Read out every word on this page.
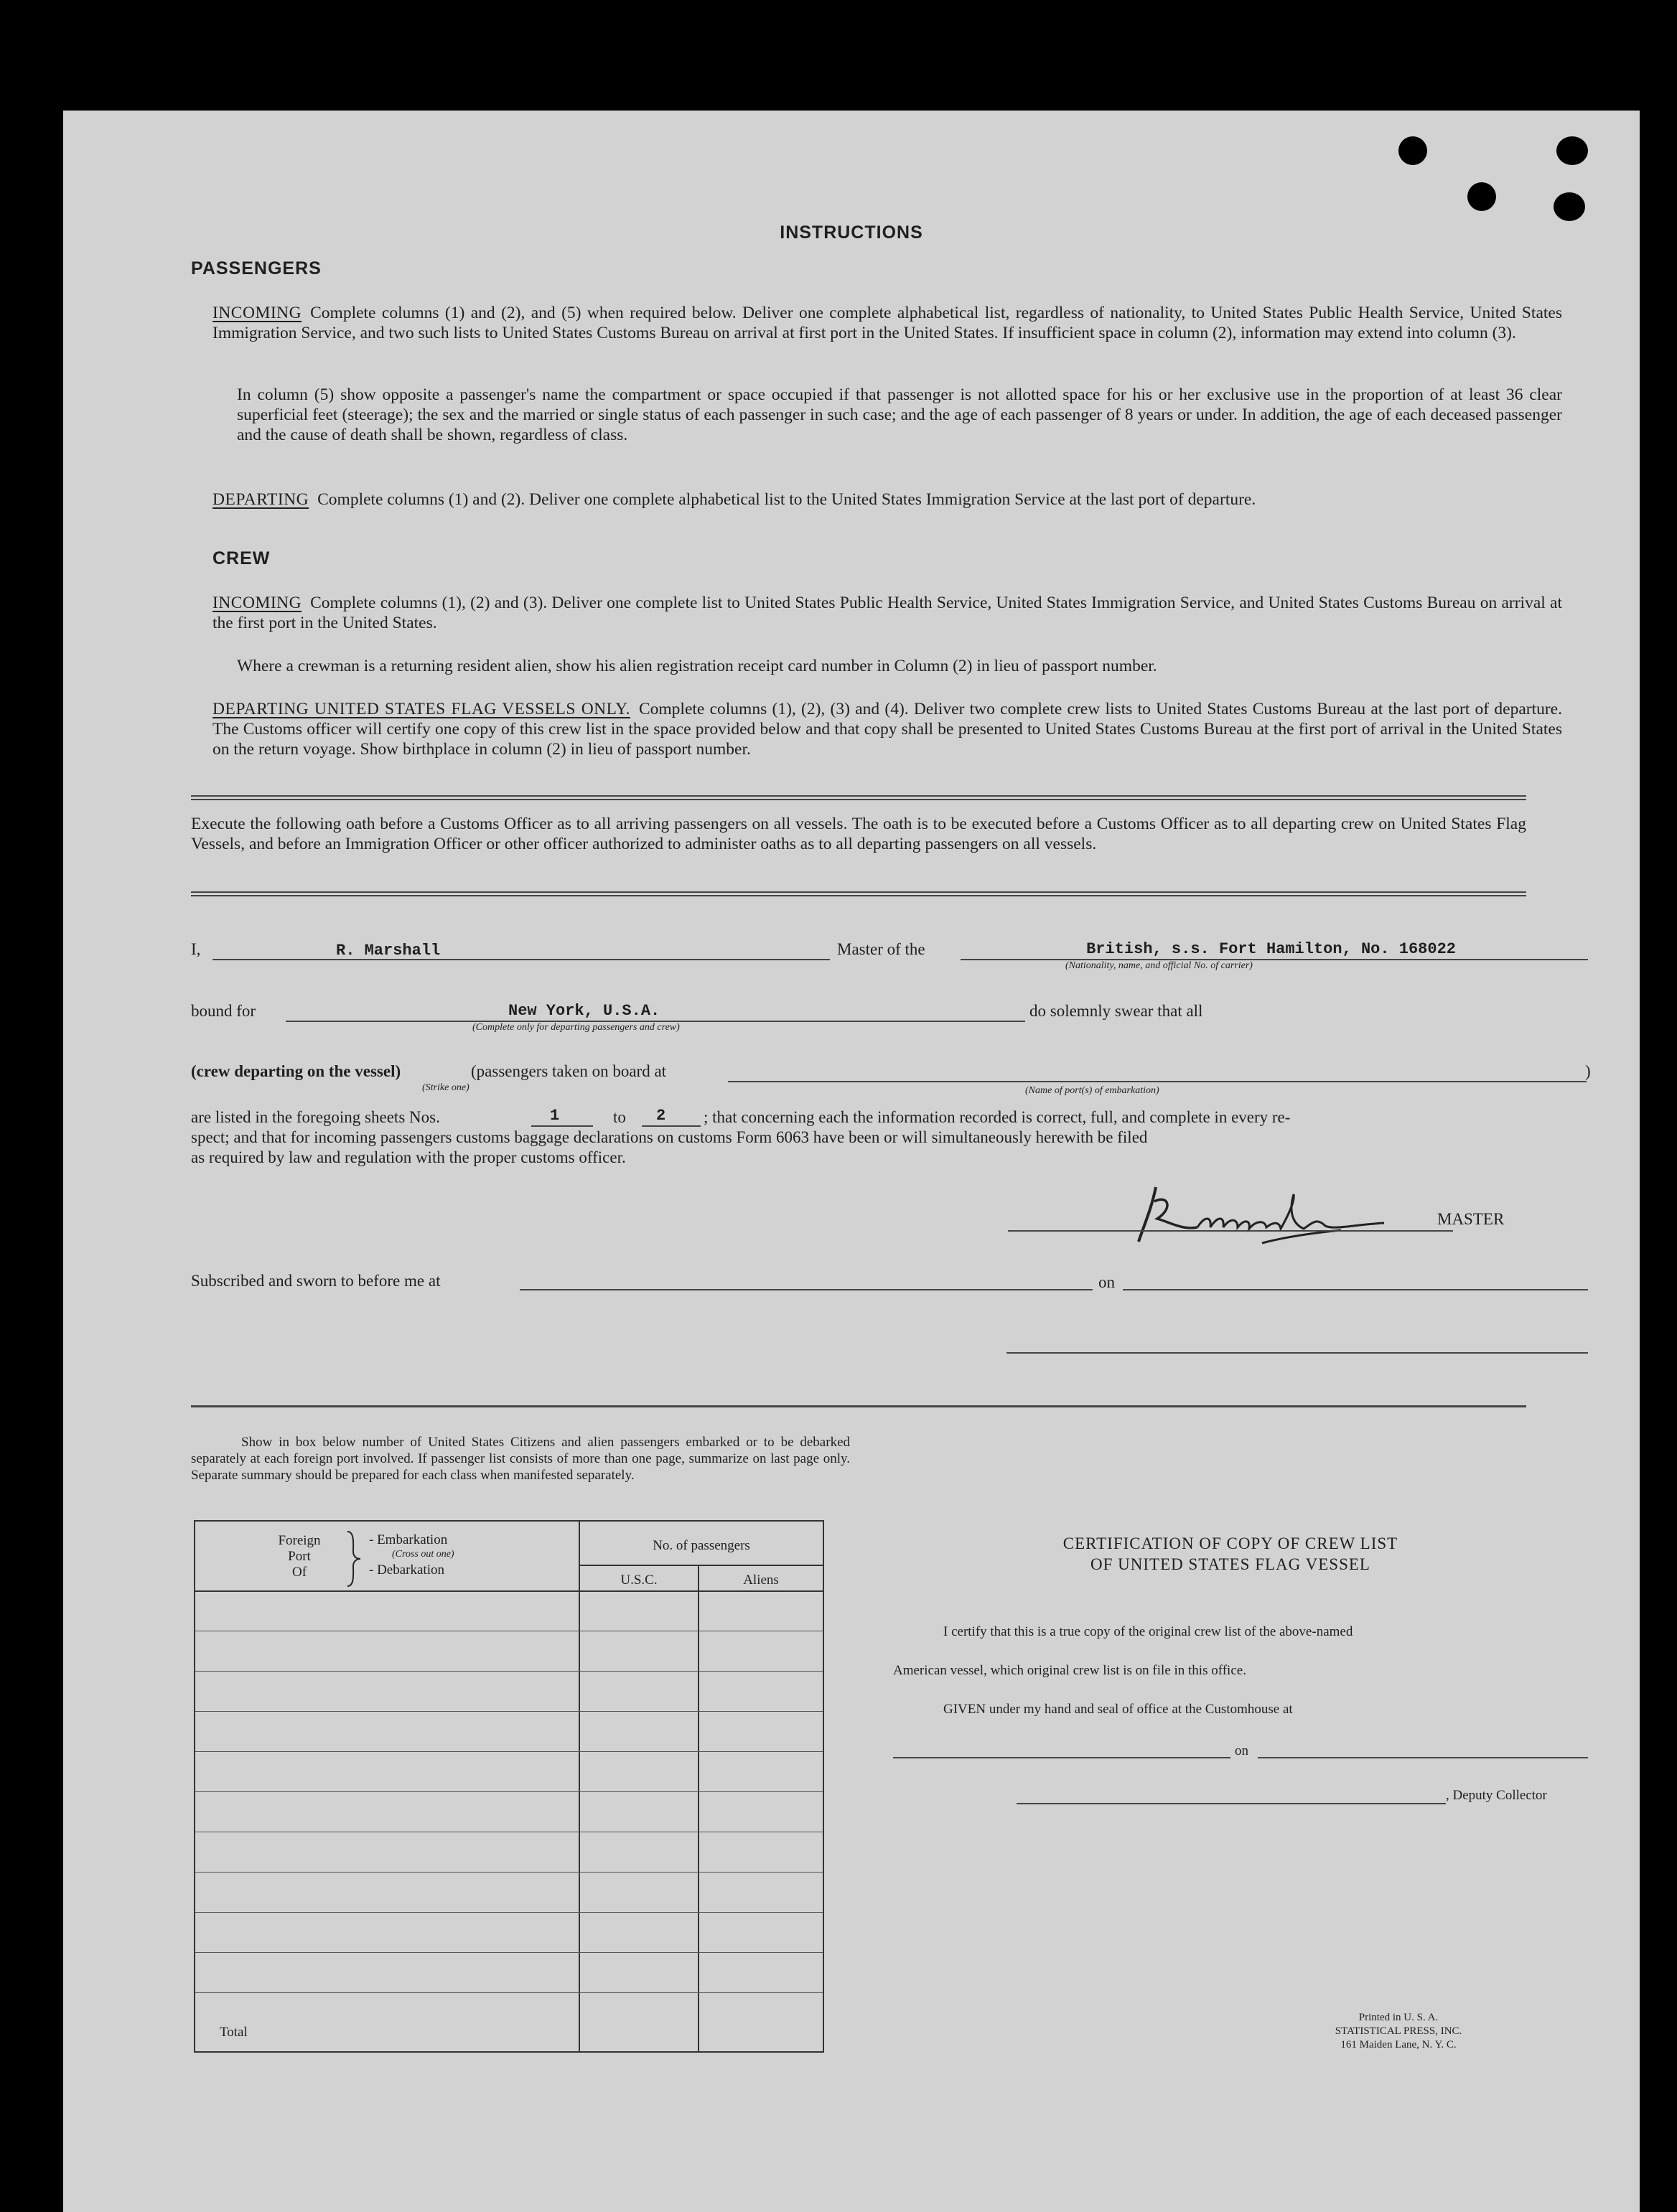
INSTRUCTIONS
PASSENGERS
INCOMING Complete columns (1) and (2), and (5) when required below. Deliver one complete alphabetical list, regardless of nationality, to United States Public Health Service, United States Immigration Service, and two such lists to United States Customs Bureau on arrival at first port in the United States. If insufficient space in column (2), information may extend into column (3).
In column (5) show opposite a passenger's name the compartment or space occupied if that passenger is not allotted space for his or her exclusive use in the proportion of at least 36 clear superficial feet (steerage); the sex and the married or single status of each passenger in such case; and the age of each passenger of 8 years or under. In addition, the age of each deceased passenger and the cause of death shall be shown, regardless of class.
DEPARTING Complete columns (1) and (2). Deliver one complete alphabetical list to the United States Immigration Service at the last port of departure.
CREW
INCOMING Complete columns (1), (2) and (3). Deliver one complete list to United States Public Health Service, United States Immigration Service, and United States Customs Bureau on arrival at the first port in the United States.
Where a crewman is a returning resident alien, show his alien registration receipt card number in Column (2) in lieu of passport number.
DEPARTING UNITED STATES FLAG VESSELS ONLY. Complete columns (1), (2), (3) and (4). Deliver two complete crew lists to United States Customs Bureau at the last port of departure. The Customs officer will certify one copy of this crew list in the space provided below and that copy shall be presented to United States Customs Bureau at the first port of arrival in the United States on the return voyage. Show birthplace in column (2) in lieu of passport number.
Execute the following oath before a Customs Officer as to all arriving passengers on all vessels. The oath is to be executed before a Customs Officer as to all departing crew on United States Flag Vessels, and before an Immigration Officer or other officer authorized to administer oaths as to all departing passengers on all vessels.
I,	R. Marshall	Master of the	British, s.s. Fort Hamilton, No. 168022
(Nationality, name, and official No. of carrier)
bound for	New York, U.S.A.
(Complete only for departing passengers and crew)
do solemnly swear that all
(crew departing on the vessel)	(passengers taken on board at	)
(Strike one)	(Name of port(s) of embarkation)
are listed in the foregoing sheets Nos.	1	to 2 ; that concerning each the information recorded is correct, full, and complete in every re-
spect; and that for incoming passengers customs baggage declarations on customs Form 6063 have been or will simultaneously herewith be filed
as required by law and regulation with the proper customs officer.
MASTER
Subscribed and sworn to before me at	on
Show in box below number of United States Citizens and alien passengers embarked or to be debarked separately at each foreign port involved. If passenger list consists of more than one page, summarize on last page only. Separate summary should be prepared for each class when manifested separately.
Foreign
Port
Of
- Embarkation
(Cross out one)
- Debarkation
No. of passengers
U.S.C.	Aliens
Total
CERTIFICATION OF COPY OF CREW LIST
OF UNITED STATES FLAG VESSEL
I certify that this is a true copy of the original crew list of the above-named
American vessel, which original crew list is on file in this office.
GIVEN under my hand and seal of office at the Customhouse at
on
, Deputy Collector
Printed in U. S. A.
STATISTICAL PRESS, INC.
161 Maiden Lane, N. Y. C.
